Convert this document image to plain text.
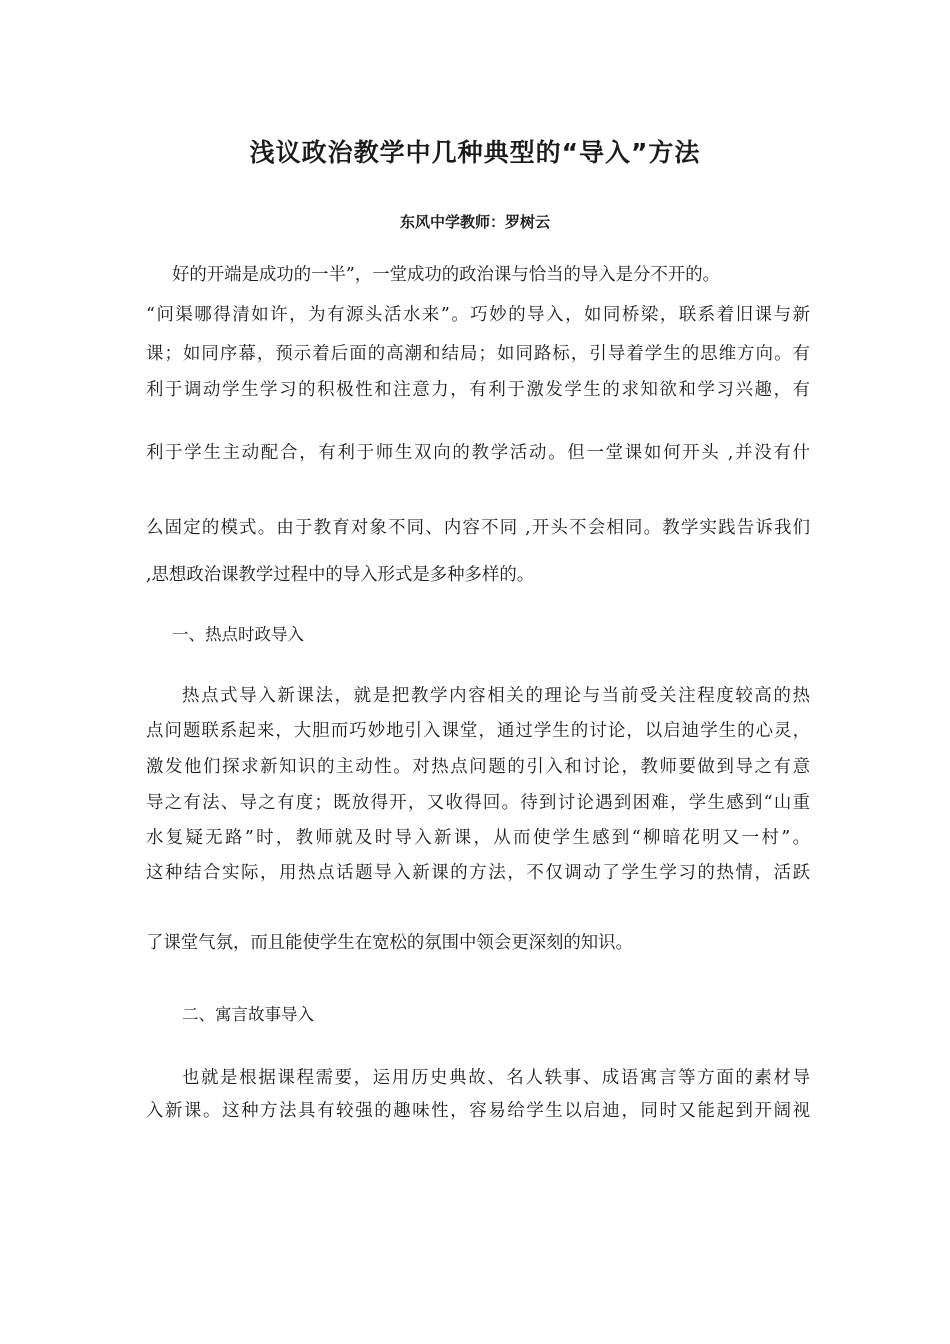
浅议政治教学中几种典型的“导入”方法
东风中学教师：罗树云
好的开端是成功的一半”，一堂成功的政治课与恰当的导入是分不开的。
“问渠哪得清如许，为有源头活水来”。巧妙的导入，如同桥梁，联系着旧课与新
课；如同序幕，预示着后面的高潮和结局；如同路标，引导着学生的思维方向。有
利于调动学生学习的积极性和注意力，有利于激发学生的求知欲和学习兴趣，有
利于学生主动配合，有利于师生双向的教学活动。但一堂课如何开头 ,并没有什
么固定的模式。由于教育对象不同、内容不同 ,开头不会相同。教学实践告诉我们
,思想政治课教学过程中的导入形式是多种多样的。
一、热点时政导入
热点式导入新课法，就是把教学内容相关的理论与当前受关注程度较高的热
点问题联系起来，大胆而巧妙地引入课堂，通过学生的讨论，以启迪学生的心灵，
激发他们探求新知识的主动性。对热点问题的引入和讨论，教师要做到导之有意
导之有法、导之有度；既放得开，又收得回。待到讨论遇到困难，学生感到“山重
水复疑无路”时，教师就及时导入新课，从而使学生感到“柳暗花明又一村”。
这种结合实际，用热点话题导入新课的方法，不仅调动了学生学习的热情，活跃
了课堂气氛，而且能使学生在宽松的氛围中领会更深刻的知识。
二、寓言故事导入
也就是根据课程需要，运用历史典故、名人轶事、成语寓言等方面的素材导
入新课。这种方法具有较强的趣味性，容易给学生以启迪，同时又能起到开阔视
